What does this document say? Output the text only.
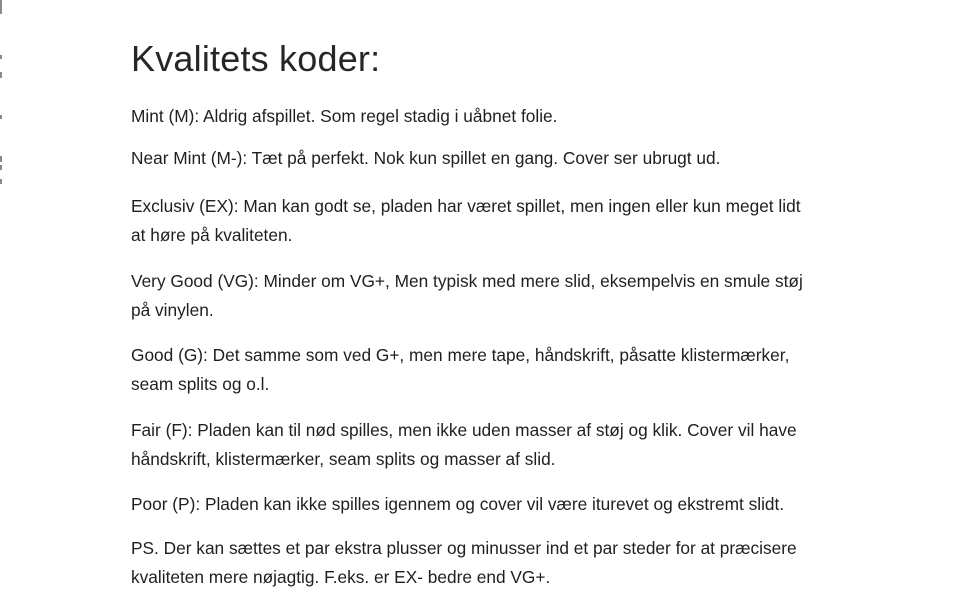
Kvalitets koder:

Mint (M): Aldrig afspillet. Som regel stadig i uåbnet folie.

Near Mint (M-): Tæt på perfekt. Nok kun spillet en gang. Cover ser ubrugt ud.

Exclusiv (EX): Man kan godt se, pladen har været spillet, men ingen eller kun meget lidt
at høre på kvaliteten.

Very Good (VG): Minder om VG+, Men typisk med mere slid, eksempelvis en smule støj
på vinylen.

Good (G): Det samme som ved G+, men mere tape, håndskrift, påsatte klistermærker,
seam splits og o.l.

Fair (F): Pladen kan til nød spilles, men ikke uden masser af støj og klik. Cover vil have
håndskrift, klistermærker, seam splits og masser af slid.

Poor (P): Pladen kan ikke spilles igennem og cover vil være iturevet og ekstremt slidt.

PS. Der kan sættes et par ekstra plusser og minusser ind et par steder for at præcisere
kvaliteten mere nøjagtig. F.eks. er EX- bedre end VG+.
